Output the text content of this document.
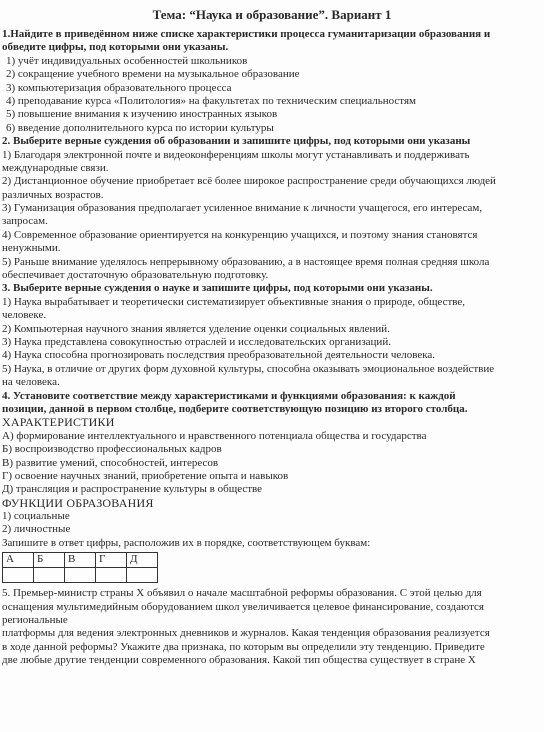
Тема: “Наука и образование”. Вариант 1
1.Найдите в приведённом ниже списке характеристики процесса гуманитаризации образования и
обведите цифры, под которыми они указаны.
1) учёт индивидуальных особенностей школьников
2) сокращение учебного времени на музыкальное образование
3) компьютеризация образовательного процесса
4) преподавание курса «Политология» на факультетах по техническим специальностям
5) повышение внимания к изучению иностранных языков
6) введение дополнительного курса по истории культуры
2. Выберите верные суждения об образовании и запишите цифры, под которыми они указаны
1) Благодаря электронной почте и видеоконференциям школы могут устанавливать и поддерживать
международные связи.
2) Дистанционное обучение приобретает всё более широкое распространение среди обучающихся людей
различных возрастов.
3) Гуманизация образования предполагает усиленное внимание к личности учащегося, его интересам,
запросам.
4) Современное образование ориентируется на конкуренцию учащихся, и поэтому знания становятся
ненужными.
5) Раньше внимание уделялось непрерывному образованию, а в настоящее время полная средняя школа
обеспечивает достаточную образовательную подготовку.
3. Выберите верные суждения о науке и запишите цифры, под которыми они указаны.
1) Наука вырабатывает и теоретически систематизирует объективные знания о природе, обществе,
человеке.
2) Компьютерная научного знания является уделение оценки социальных явлений.
3) Наука представлена совокупностью отраслей и исследовательских организаций.
4) Наука способна прогнозировать последствия преобразовательной деятельности человека.
5) Наука, в отличие от других форм духовной культуры, способна оказывать эмоциональное воздействие
на человека.
4. Установите соответствие между характеристиками и функциями образования: к каждой
позиции, данной в первом столбце, подберите соответствующую позицию из второго столбца.
ХАРАКТЕРИСТИКИ
А) формирование интеллектуального и нравственного потенциала общества и государства
Б) воспроизводство профессиональных кадров
В) развитие умений, способностей, интересов
Г) освоение научных знаний, приобретение опыта и навыков
Д) трансляция и распространение культуры в обществе
ФУНКЦИИ ОБРАЗОВАНИЯ
1) социальные
2) личностные
Запишите в ответ цифры, расположив их в порядке, соответствующем буквам:
А	Б	В	Г	Д

5. Премьер-министр страны X объявил о начале масштабной реформы образования. С этой целью для
оснащения мультимедийным оборудованием школ увеличивается целевое финансирование, создаются
региональные
платформы для ведения электронных дневников и журналов. Какая тенденция образования реализуется
в ходе данной реформы? Укажите два признака, по которым вы определили эту тенденцию. Приведите
две любые другие тенденции современного образования. Какой тип общества существует в стране X
